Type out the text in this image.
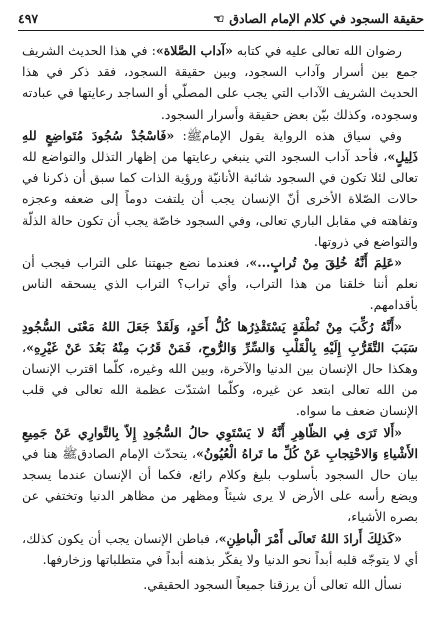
حقيقة السجود في كلام الإمام الصادق
☜
٤٩٧

رضوان الله تعالى عليه في كتابه «آداب الصَّلاة»: في هذا الحديث الشريف جمع بين أسرار وآداب السجود، وبين حقيقة السجود، فقد ذكر في هذا الحديث الشريف الآداب التي يجب على المصلّي أو الساجد رعايتها في عبادته وسجوده، وكذلك بيّن بعض حقيقة وأسرار السجود.

وفي سياق هذه الرواية يقول الإمامﷺ: «فَاسْجُدْ سُجُودَ مُتَواضِعٍ للهِ ذَلِيلٍ»، فأحد آداب السجود التي ينبغي رعايتها من إظهار التذلل والتواضع لله تعالى لئلا تكون في السجود شائبة الأنانيّة ورؤية الذات كما سبق أن ذكرنا في حالات الصّلاة الأخرى أنّ الإنسان يجب أن يلتفت دوماً إلى ضعفه وعجزه وتفاهته في مقابل الباري تعالى، وفي السجود خاصّة يجب أن تكون حالة الذلّة والتواضع في ذروتها.

«عَلِمَ أَنَّهُ خُلِقَ مِنْ تُرابٍ...»، فعندما نضع جبهتنا على التراب فيجب أن نعلم أننا خلقنا من هذا التراب، وأي تراب؟ التراب الذي يسحقه الناس بأقدامهم.

«أَنَّهُ رُكِّبَ مِنْ نُطْفَةٍ يَسْتَقْذِرُها كُلُّ أَحَدٍ، وَلَقَدْ جَعَلَ اللهُ مَعْنَى السُّجُودِ سَبَبَ التَّقَرُّبِ إِلَيْهِ بِالْقَلْبِ وَالسِّرِّ وَالرُّوحِ، فَمَنْ قَرُبَ مِنْهُ بَعُدَ عَنْ غَيْرِهِ»، وهكذا حال الإنسان بين الدنيا والآخرة، وبين الله وغيره، كلّما اقترب الإنسان من الله تعالى ابتعد عن غيره، وكلّما اشتدّت عظمة الله تعالى في قلب الإنسان ضعف ما سواه.

«أَلا تَرَى فِي الظّاهِرِ أَنَّهُ لا يَسْتَوِي حالُ السُّجُودِ إِلاّ بِالتَّوارِي عَنْ جَمِيعِ الأَشْياءِ وَالاحْتِجابِ عَنْ كُلِّ ما تَراهُ الْعُيُونُ»، يتحدّث الإمام الصادقﷺ هنا في بيان حال السجود بأسلوب بليغ وكلام رائع، فكما أن الإنسان عندما يسجد ويضع رأسه على الأرض لا يرى شيئاً ومظهر من مظاهر الدنيا وتختفي عن بصره الأشياء،

«كَذلِكَ أَرادَ اللهُ تَعالَى أَمْرَ الْباطِنِ»، فباطن الإنسان يجب أن يكون كذلك، أي لا يتوجّه قلبه أبداً نحو الدنيا ولا يفكّر بذهنه أبداً في متطلباتها وزخارفها.

نسأل الله تعالى أن يرزقنا جميعاً السجود الحقيقي.
